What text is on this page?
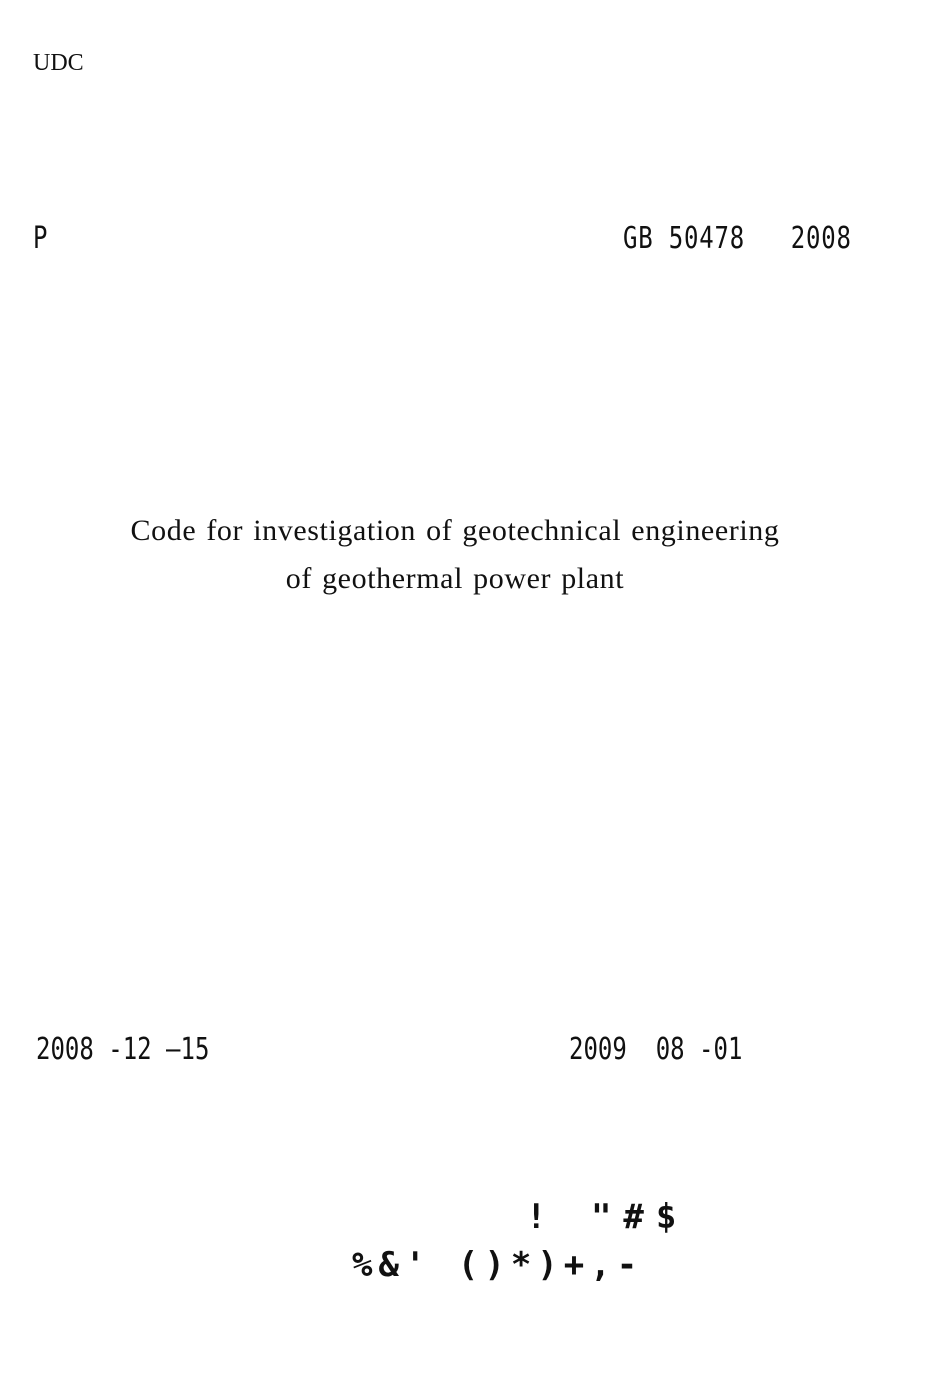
UDC
P	GB 50478   2008
Code for investigation of geotechnical engineering
of geothermal power plant
2008 -12 —15	2009  08 -01
! "#$
%&' ()*)+,-
